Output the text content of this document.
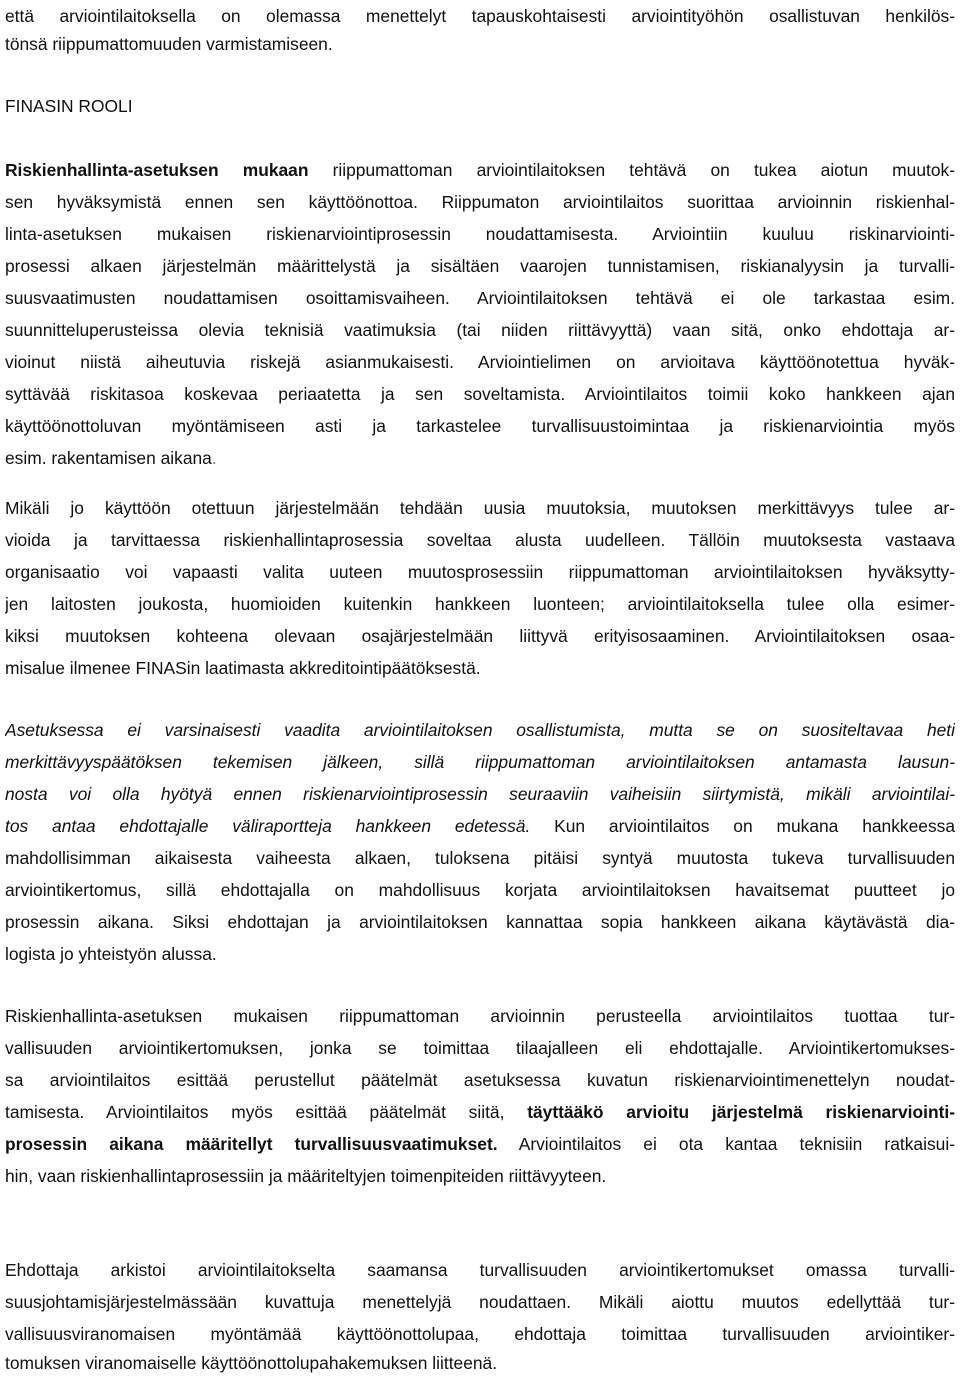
että arviointilaitoksella on olemassa menettelyt tapauskohtaisesti arviointityöhön osallistuvan henkilös-
tönsä riippumattomuuden varmistamiseen.
FINASIN ROOLI
Riskienhallinta-asetuksen mukaan riippumattoman arviointilaitoksen tehtävä on tukea aiotun muutok-
sen hyväksymistä ennen sen käyttöönottoa. Riippumaton arviointilaitos suorittaa arvioinnin riskienhal-
linta-asetuksen mukaisen riskienarviointiprosessin noudattamisesta. Arviointiin kuuluu riskinarviointi-
prosessi alkaen järjestelmän määrittelystä ja sisältäen vaarojen tunnistamisen, riskianalyysin ja turvalli-
suusvaatimusten noudattamisen osoittamisvaiheen. Arviointilaitoksen tehtävä ei ole tarkastaa esim.
suunnitteluperusteissa olevia teknisiä vaatimuksia (tai niiden riittävyyttä) vaan sitä, onko ehdottaja ar-
vioinut niistä aiheutuvia riskejä asianmukaisesti. Arviointielimen on arvioitava käyttöönotettua hyväk-
syttävää riskitasoa koskevaa periaatetta ja sen soveltamista. Arviointilaitos toimii koko hankkeen ajan
käyttöönottoluvan myöntämiseen asti ja tarkastelee turvallisuustoimintaa ja riskienarviointia myös
esim. rakentamisen aikana.
Mikäli jo käyttöön otettuun järjestelmään tehdään uusia muutoksia, muutoksen merkittävyys tulee ar-
vioida ja tarvittaessa riskienhallintaprosessia soveltaa alusta uudelleen. Tällöin muutoksesta vastaava
organisaatio voi vapaasti valita uuteen muutosprosessiin riippumattoman arviointilaitoksen hyväksytty-
jen laitosten joukosta, huomioiden kuitenkin hankkeen luonteen; arviointilaitoksella tulee olla esimer-
kiksi muutoksen kohteena olevaan osajärjestelmään liittyvä erityisosaaminen. Arviointilaitoksen osaa-
misalue ilmenee FINASin laatimasta akkreditointipäätöksestä.
Asetuksessa ei varsinaisesti vaadita arviointilaitoksen osallistumista, mutta se on suositeltavaa heti
merkittävyyspäätöksen tekemisen jälkeen, sillä riippumattoman arviointilaitoksen antamasta lausun-
nosta voi olla hyötyä ennen riskienarviointiprosessin seuraaviin vaiheisiin siirtymistä, mikäli arviointilai-
tos antaa ehdottajalle väliraportteja hankkeen edetessä. Kun arviointilaitos on mukana hankkeessa
mahdollisimman aikaisesta vaiheesta alkaen, tuloksena pitäisi syntyä muutosta tukeva turvallisuuden
arviointikertomus, sillä ehdottajalla on mahdollisuus korjata arviointilaitoksen havaitsemat puutteet jo
prosessin aikana. Siksi ehdottajan ja arviointilaitoksen kannattaa sopia hankkeen aikana käytävästä dia-
logista jo yhteistyön alussa.
Riskienhallinta-asetuksen mukaisen riippumattoman arvioinnin perusteella arviointilaitos tuottaa tur-
vallisuuden arviointikertomuksen, jonka se toimittaa tilaajalleen eli ehdottajalle. Arviointikertomukses-
sa arviointilaitos esittää perustellut päätelmät asetuksessa kuvatun riskienarviointimenettelyn noudat-
tamisesta. Arviointilaitos myös esittää päätelmät siitä, täyttääkö arvioitu järjestelmä riskienarviointi-
prosessin aikana määritellyt turvallisuusvaatimukset. Arviointilaitos ei ota kantaa teknisiin ratkaisui-
hin, vaan riskienhallintaprosessiin ja määriteltyjen toimenpiteiden riittävyyteen.
Ehdottaja arkistoi arviointilaitokselta saamansa turvallisuuden arviointikertomukset omassa turvalli-
suusjohtamisjärjestelmässään kuvattuja menettelyjä noudattaen. Mikäli aiottu muutos edellyttää tur-
vallisuusviranomaisen myöntämää käyttöönottolupaa, ehdottaja toimittaa turvallisuuden arviointiker-
tomuksen viranomaiselle käyttöönottolupahakemuksen liitteenä.
